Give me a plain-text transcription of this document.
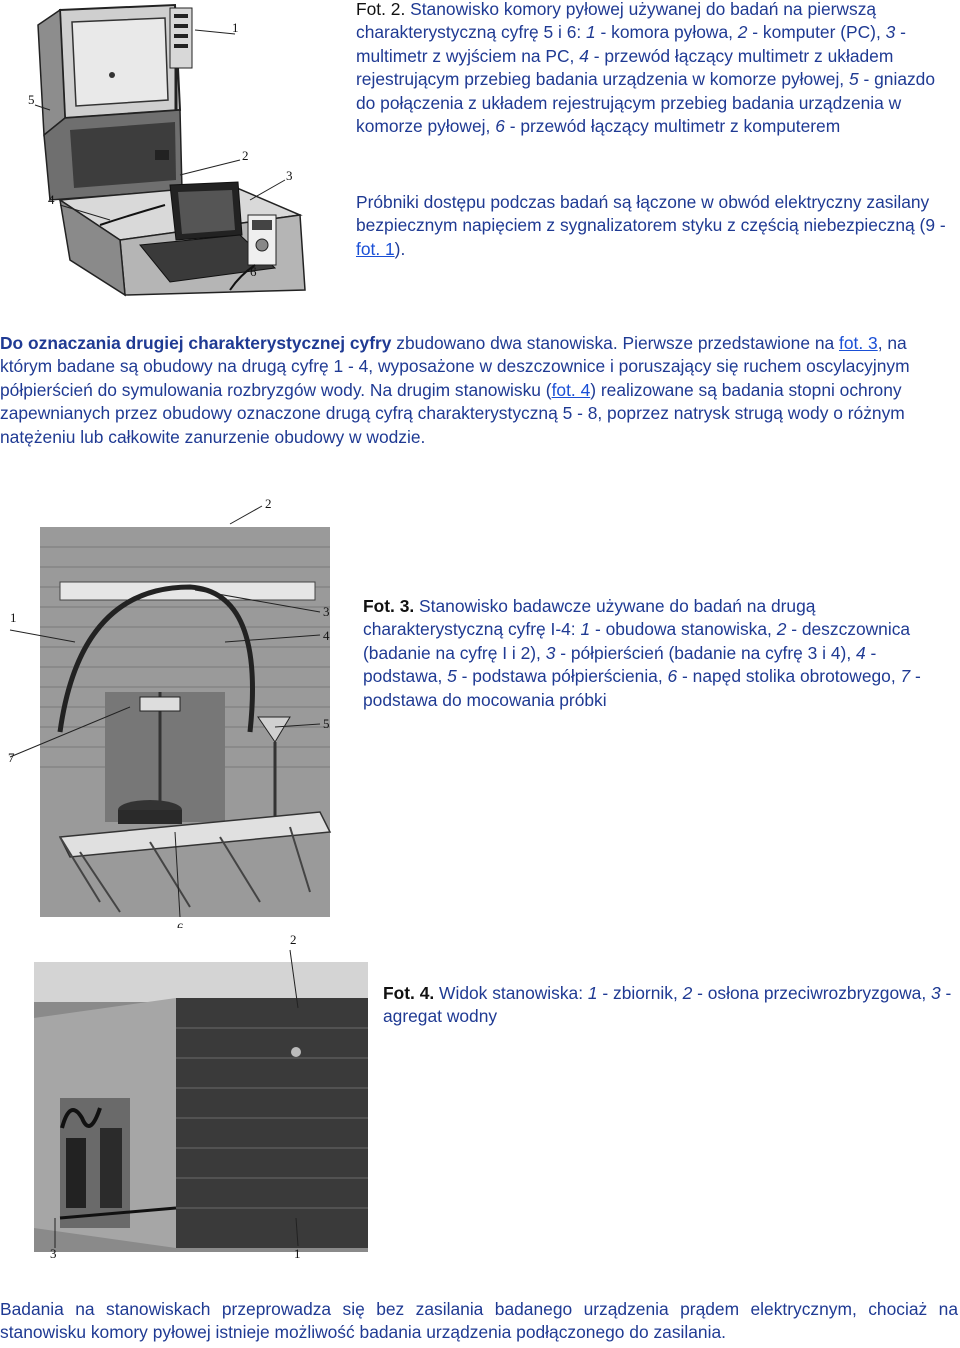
1
2
3
4
5
6

Fot. 2. Stanowisko komory pyłowej używanej do badań na pierwszą charakterystyczną cyfrę 5 i 6: 1 - komora pyłowa, 2 - komputer (PC), 3 - multimetr z wyjściem na PC, 4 - przewód łączący multimetr z układem rejestrującym przebieg badania urządzenia w komorze pyłowej, 5 - gniazdo do połączenia z układem rejestrującym przebieg badania urządzenia w komorze pyłowej, 6 - przewód łączący multimetr z komputerem

Próbniki dostępu podczas badań są łączone w obwód elektryczny zasilany bezpiecznym napięciem z sygnalizatorem styku z częścią niebezpieczną (9 - fot. 1).

Do oznaczania drugiej charakterystycznej cyfry zbudowano dwa stanowiska. Pierwsze przedstawione na fot. 3, na którym badane są obudowy na drugą cyfrę 1 - 4, wyposażone w deszczownice i poruszający się ruchem oscylacyjnym półpierścień do symulowania rozbryzgów wody. Na drugim stanowisku (fot. 4) realizowane są badania stopni ochrony zapewnianych przez obudowy oznaczone drugą cyfrą charakterystyczną 5 - 8, poprzez natrysk strugą wody o różnym natężeniu lub całkowite zanurzenie obudowy w wodzie.

2
3
1
4
5
7

Fot. 3. Stanowisko badawcze używane do badań na drugą charakterystyczną cyfrę I-4: 1 - obudowa stanowiska, 2 - deszczownica (badanie na cyfrę I i 2), 3 - półpierścień (badanie na cyfrę 3 i 4), 4 - podstawa, 5 - podstawa półpierścienia, 6 - napęd stolika obrotowego, 7 - podstawa do mocowania próbki

2
3	1

Fot. 4. Widok stanowiska: 1 - zbiornik, 2 - osłona przeciwrozbryzgowa, 3 - agregat wodny

Badania na stanowiskach przeprowadza się bez zasilania badanego urządzenia prądem elektrycznym, chociaż na stanowisku komory pyłowej istnieje możliwość badania urządzenia podłączonego do zasilania.
